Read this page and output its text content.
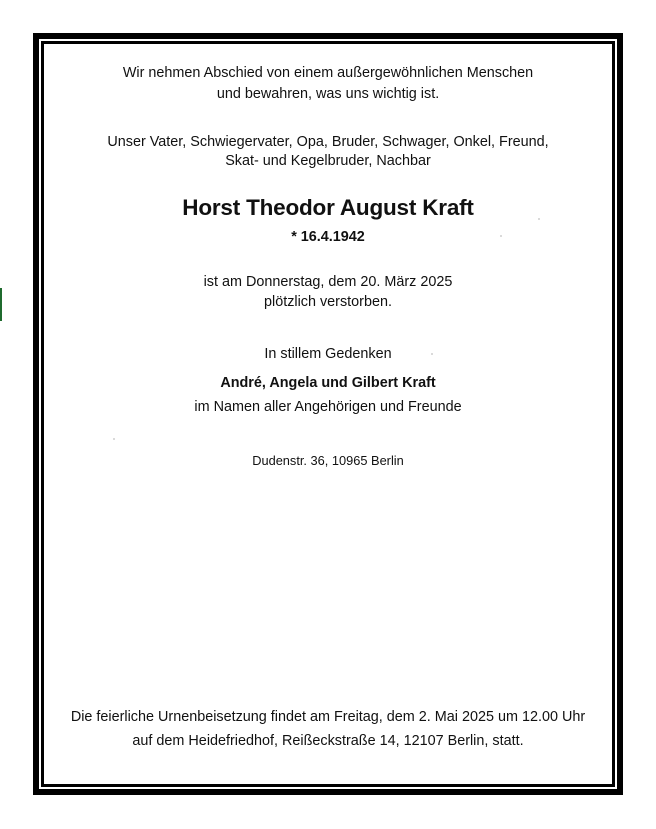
Wir nehmen Abschied von einem außergewöhnlichen Menschen
und bewahren, was uns wichtig ist.
Unser Vater, Schwiegervater, Opa, Bruder, Schwager, Onkel, Freund,
Skat- und Kegelbruder, Nachbar
Horst Theodor August Kraft
* 16.4.1942
ist am Donnerstag, dem 20. März 2025
plötzlich verstorben.
In stillem Gedenken
André, Angela und Gilbert Kraft
im Namen aller Angehörigen und Freunde
Dudenstr. 36, 10965 Berlin
Die feierliche Urnenbeisetzung findet am Freitag, dem 2. Mai 2025 um 12.00 Uhr
auf dem Heidefriedhof, Reißeckstraße 14, 12107 Berlin, statt.
